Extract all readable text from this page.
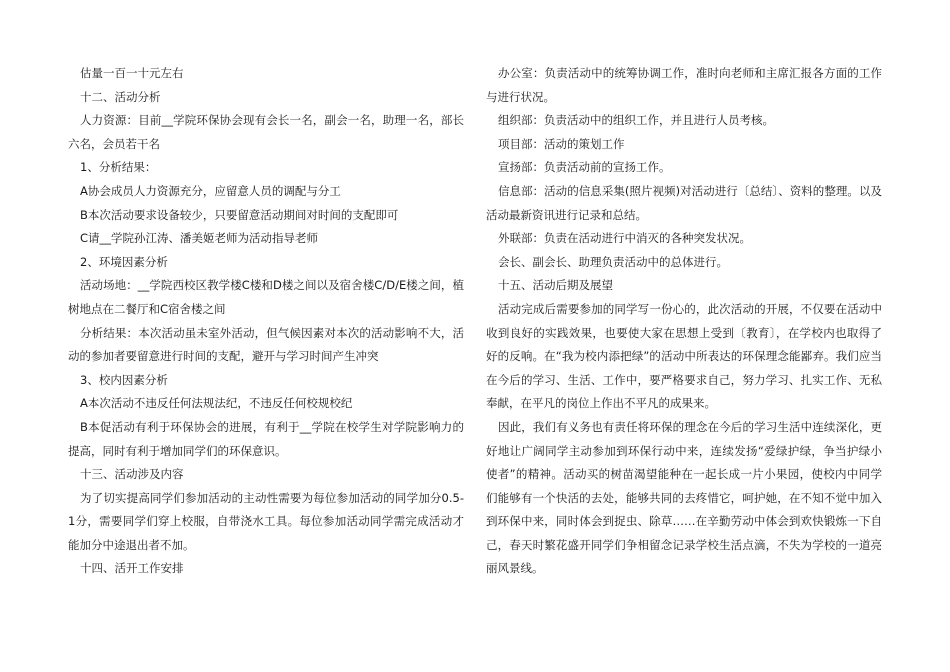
估量一百一十元左右

十二、活动分析

人力资源：目前__学院环保协会现有会长一名，副会一名，助理一名，部长六名，会员若干名

1、分析结果：

A协会成员人力资源充分，应留意人员的调配与分工

B本次活动要求设备较少，只要留意活动期间对时间的支配即可

C请__学院孙江涛、潘美姬老师为活动指导老师

2、环境因素分析

活动场地：__学院西校区教学楼C楼和D楼之间以及宿舍楼C/D/E楼之间，植树地点在二餐厅和C宿舍楼之间

分析结果：本次活动虽未室外活动，但气候因素对本次的活动影响不大，活动的参加者要留意进行时间的支配，避开与学习时间产生冲突

3、校内因素分析

A本次活动不违反任何法规法纪，不违反任何校规校纪

B本促活动有利于环保协会的进展，有利于__学院在校学生对学院影响力的提高，同时有利于增加同学们的环保意识。

十三、活动涉及内容

为了切实提高同学们参加活动的主动性需要为每位参加活动的同学加分0.5-1分，需要同学们穿上校服，自带浇水工具。每位参加活动同学需完成活动才能加分中途退出者不加。

十四、活开工作安排

办公室：负责活动中的统筹协调工作，准时向老师和主席汇报各方面的工作与进行状况。

组织部：负责活动中的组织工作，并且进行人员考核。

项目部：活动的策划工作

宣扬部：负责活动前的宣扬工作。

信息部：活动的信息采集(照片视频)对活动进行〔总结〕、资料的整理。以及活动最新资讯进行记录和总结。

外联部：负责在活动进行中消灭的各种突发状况。

会长、副会长、助理负责活动中的总体进行。

十五、活动后期及展望

活动完成后需要参加的同学写一份心的，此次活动的开展，不仅要在活动中收到良好的实践效果，也要使大家在思想上受到〔教育〕，在学校内也取得了好的反响。在“我为校内添把绿”的活动中所表达的环保理念能鄙弃。我们应当在今后的学习、生活、工作中，要严格要求自己，努力学习、扎实工作、无私奉献，在平凡的岗位上作出不平凡的成果来。

因此，我们有义务也有责任将环保的理念在今后的学习生活中连续深化，更好地让广阔同学主动参加到环保行动中来，连续发扬“爱绿护绿，争当护绿小使者”的精神。活动买的树苗渴望能种在一起长成一片小果园，使校内中同学们能够有一个快活的去处，能够共同的去疼惜它，呵护她，在不知不觉中加入到环保中来，同时体会到捉虫、除草……在辛勤劳动中体会到欢快锻炼一下自己，春天时繁花盛开同学们争相留念记录学校生活点滴，不失为学校的一道亮丽风景线。
